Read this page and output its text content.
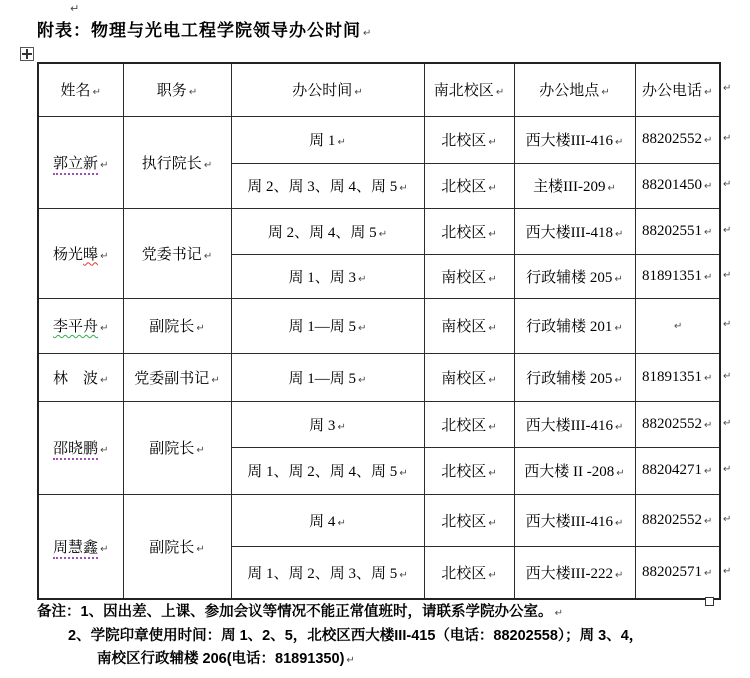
↵
附表：物理与光电工程学院领导办公时间 ↵
姓名 ↵	职务 ↵	办公时间 ↵	南北校区 ↵	办公地点 ↵	办公电话 ↵
郭立新 ↵	执行院长 ↵	周 1 ↵	北校区 ↵	西大楼III-416 ↵	88202552 ↵
		周 2、周 3、周 4、周 5 ↵	北校区 ↵	主楼III-209 ↵	88201450 ↵
杨光暤 ↵	党委书记 ↵	周 2、周 4、周 5 ↵	北校区 ↵	西大楼III-418 ↵	88202551 ↵
		周 1、周 3 ↵	南校区 ↵	行政辅楼 205 ↵	81891351 ↵
李平舟 ↵	副院长 ↵	周 1—周 5 ↵	南校区 ↵	行政辅楼 201 ↵	↵
林　波 ↵	党委副书记 ↵	周 1—周 5 ↵	南校区 ↵	行政辅楼 205 ↵	81891351 ↵
邵晓鹏 ↵	副院长 ↵	周 3 ↵	北校区 ↵	西大楼III-416 ↵	88202552 ↵
		周 1、周 2、周 4、周 5 ↵	北校区 ↵	西大楼 II -208 ↵	88204271 ↵
周慧鑫 ↵	副院长 ↵	周 4 ↵	北校区 ↵	西大楼III-416 ↵	88202552 ↵
		周 1、周 2、周 3、周 5 ↵	北校区 ↵	西大楼III-222 ↵	88202571 ↵
↵
↵
↵
↵
↵
↵
↵
↵
↵
↵
↵
备注：1、因出差、上课、参加会议等情况不能正常值班时，请联系学院办公室。 ↵
2、学院印章使用时间：周 1、2、5，北校区西大楼III-415（电话：88202558）；周 3、4，
南校区行政辅楼 206(电话：81891350) ↵
